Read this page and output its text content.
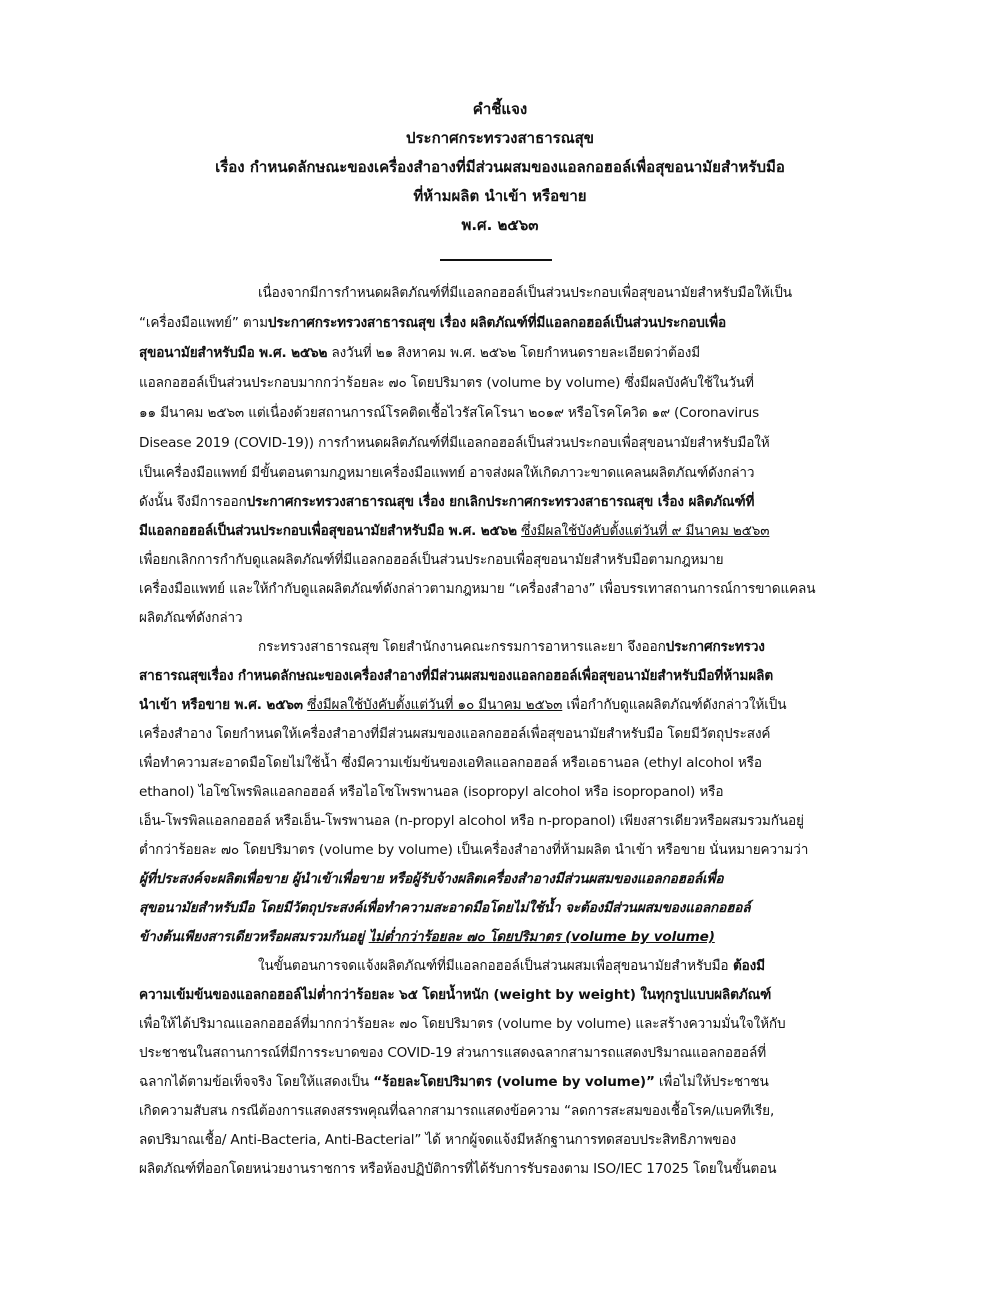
คำชี้แจง
ประกาศกระทรวงสาธารณสุข
เรื่อง กำหนดลักษณะของเครื่องสำอางที่มีส่วนผสมของแอลกอฮอล์เพื่อสุขอนามัยสำหรับมือ
ที่ห้ามผลิต นำเข้า หรือขาย
พ.ศ. ๒๕๖๓
เนื่องจากมีการกำหนดผลิตภัณฑ์ที่มีแอลกอฮอล์เป็นส่วนประกอบเพื่อสุขอนามัยสำหรับมือให้เป็น
“เครื่องมือแพทย์” ตามประกาศกระทรวงสาธารณสุข เรื่อง ผลิตภัณฑ์ที่มีแอลกอฮอล์เป็นส่วนประกอบเพื่อ
สุขอนามัยสำหรับมือ พ.ศ. ๒๕๖๒ ลงวันที่ ๒๑ สิงหาคม พ.ศ. ๒๕๖๒ โดยกำหนดรายละเอียดว่าต้องมี
แอลกอฮอล์เป็นส่วนประกอบมากกว่าร้อยละ ๗๐ โดยปริมาตร (volume by volume) ซึ่งมีผลบังคับใช้ในวันที่
๑๑ มีนาคม ๒๕๖๓ แต่เนื่องด้วยสถานการณ์โรคติดเชื้อไวรัสโคโรนา ๒๐๑๙ หรือโรคโควิด ๑๙ (Coronavirus
Disease 2019 (COVID-19)) การกำหนดผลิตภัณฑ์ที่มีแอลกอฮอล์เป็นส่วนประกอบเพื่อสุขอนามัยสำหรับมือให้
เป็นเครื่องมือแพทย์ มีขั้นตอนตามกฎหมายเครื่องมือแพทย์ อาจส่งผลให้เกิดภาวะขาดแคลนผลิตภัณฑ์ดังกล่าว
ดังนั้น จึงมีการออกประกาศกระทรวงสาธารณสุข เรื่อง ยกเลิกประกาศกระทรวงสาธารณสุข เรื่อง ผลิตภัณฑ์ที่
มีแอลกอฮอล์เป็นส่วนประกอบเพื่อสุขอนามัยสำหรับมือ พ.ศ. ๒๕๖๒ ซึ่งมีผลใช้บังคับตั้งแต่วันที่ ๙ มีนาคม ๒๕๖๓
เพื่อยกเลิกการกำกับดูแลผลิตภัณฑ์ที่มีแอลกอฮอล์เป็นส่วนประกอบเพื่อสุขอนามัยสำหรับมือตามกฎหมาย
เครื่องมือแพทย์ และให้กำกับดูแลผลิตภัณฑ์ดังกล่าวตามกฎหมาย “เครื่องสำอาง” เพื่อบรรเทาสถานการณ์การขาดแคลน
ผลิตภัณฑ์ดังกล่าว
กระทรวงสาธารณสุข โดยสำนักงานคณะกรรมการอาหารและยา จึงออกประกาศกระทรวง
สาธารณสุขเรื่อง กำหนดลักษณะของเครื่องสำอางที่มีส่วนผสมของแอลกอฮอล์เพื่อสุขอนามัยสำหรับมือที่ห้ามผลิต
นำเข้า หรือขาย พ.ศ. ๒๕๖๓ ซึ่งมีผลใช้บังคับตั้งแต่วันที่ ๑๐ มีนาคม ๒๕๖๓ เพื่อกำกับดูแลผลิตภัณฑ์ดังกล่าวให้เป็น
เครื่องสำอาง โดยกำหนดให้เครื่องสำอางที่มีส่วนผสมของแอลกอฮอล์เพื่อสุขอนามัยสำหรับมือ โดยมีวัตถุประสงค์
เพื่อทำความสะอาดมือโดยไม่ใช้น้ำ ซึ่งมีความเข้มข้นของเอทิลแอลกอฮอล์ หรือเอธานอล (ethyl alcohol หรือ
ethanol) ไอโซโพรพิลแอลกอฮอล์ หรือไอโซโพรพานอล (isopropyl alcohol หรือ isopropanol) หรือ
เอ็น-โพรพิลแอลกอฮอล์ หรือเอ็น-โพรพานอล (n-propyl alcohol หรือ n-propanol) เพียงสารเดียวหรือผสมรวมกันอยู่
ต่ำกว่าร้อยละ ๗๐ โดยปริมาตร (volume by volume) เป็นเครื่องสำอางที่ห้ามผลิต นำเข้า หรือขาย นั่นหมายความว่า
ผู้ที่ประสงค์จะผลิตเพื่อขาย ผู้นำเข้าเพื่อขาย หรือผู้รับจ้างผลิตเครื่องสำอางมีส่วนผสมของแอลกอฮอล์เพื่อ
สุขอนามัยสำหรับมือ โดยมีวัตถุประสงค์เพื่อทำความสะอาดมือโดยไม่ใช้น้ำ จะต้องมีส่วนผสมของแอลกอฮอล์
ข้างต้นเพียงสารเดียวหรือผสมรวมกันอยู่ ไม่ต่ำกว่าร้อยละ ๗๐ โดยปริมาตร (volume by volume)
ในขั้นตอนการจดแจ้งผลิตภัณฑ์ที่มีแอลกอฮอล์เป็นส่วนผสมเพื่อสุขอนามัยสำหรับมือ ต้องมี
ความเข้มข้นของแอลกอฮอล์ไม่ต่ำกว่าร้อยละ ๖๕ โดยน้ำหนัก (weight by weight) ในทุกรูปแบบผลิตภัณฑ์
เพื่อให้ได้ปริมาณแอลกอฮอล์ที่มากกว่าร้อยละ ๗๐ โดยปริมาตร (volume by volume) และสร้างความมั่นใจให้กับ
ประชาชนในสถานการณ์ที่มีการระบาดของ COVID-19 ส่วนการแสดงฉลากสามารถแสดงปริมาณแอลกอฮอล์ที่
ฉลากได้ตามข้อเท็จจริง โดยให้แสดงเป็น “ร้อยละโดยปริมาตร (volume by volume)” เพื่อไม่ให้ประชาชน
เกิดความสับสน กรณีต้องการแสดงสรรพคุณที่ฉลากสามารถแสดงข้อความ “ลดการสะสมของเชื้อโรค/แบคทีเรีย,
ลดปริมาณเชื้อ/ Anti-Bacteria, Anti-Bacterial” ได้ หากผู้จดแจ้งมีหลักฐานการทดสอบประสิทธิภาพของ
ผลิตภัณฑ์ที่ออกโดยหน่วยงานราชการ หรือห้องปฏิบัติการที่ได้รับการรับรองตาม ISO/IEC 17025 โดยในขั้นตอน
